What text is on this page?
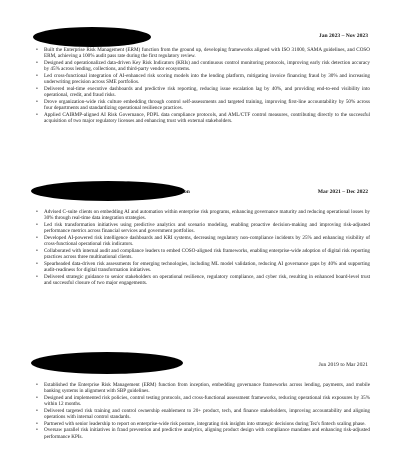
Jan 2023 – Nov 2023
• Built the Enterprise Risk Management (ERM) function from the ground up, developing frameworks aligned with ISO 31000, SAMA guidelines, and COSO ERM, achieving a 100% audit pass rate during the first regulatory review.
• Designed and operationalized data-driven Key Risk Indicators (KRIs) and continuous control monitoring protocols, improving early risk detection accuracy by 45% across lending, collections, and third-party vendor ecosystems.
• Led cross-functional integration of AI-enhanced risk scoring models into the lending platform, mitigating invoice financing fraud by 30% and increasing underwriting precision across SME portfolios.
• Delivered real-time executive dashboards and predictive risk reporting, reducing issue escalation lag by 40%, and providing end-to-end visibility into operational, credit, and fraud risks.
• Drove organization-wide risk culture embedding through control self-assessments and targeted training, improving first-line accountability by 50% across four departments and standardizing operational resilience practices.
• Applied CAIRMP-aligned AI Risk Governance, PDPL data compliance protocols, and AML/CTF control measures, contributing directly to the successful acquisition of two major regulatory licenses and enhancing trust with external stakeholders.
on	Mar 2021 – Dec 2022
• Advised C-suite clients on embedding AI and automation within enterprise risk programs, enhancing governance maturity and reducing operational losses by 30% through real-time data integration strategies.
• Led risk transformation initiatives using predictive analytics and scenario modeling, enabling proactive decision-making and improving risk-adjusted performance metrics across financial services and government portfolios.
• Developed AI-powered risk intelligence dashboards and KRI systems, decreasing regulatory non-compliance incidents by 25% and enhancing visibility of cross-functional operational risk indicators.
• Collaborated with internal audit and compliance leaders to embed COSO-aligned risk frameworks, enabling enterprise-wide adoption of digital risk reporting practices across three multinational clients.
• Spearheaded data-driven risk assessments for emerging technologies, including ML model validation, reducing AI governance gaps by 40% and supporting audit-readiness for digital transformation initiatives.
• Delivered strategic guidance to senior stakeholders on operational resilience, regulatory compliance, and cyber risk, resulting in enhanced board-level trust and successful closure of two major engagements.
Jun 2019 to Mar 2021
• Established the Enterprise Risk Management (ERM) function from inception, embedding governance frameworks across lending, payments, and mobile banking systems in alignment with SBP guidelines.
• Designed and implemented risk policies, control testing protocols, and cross-functional assessment frameworks, reducing operational risk exposures by 35% within 12 months.
• Delivered targeted risk training and control ownership enablement to 20+ product, tech, and finance stakeholders, improving accountability and aligning operations with internal control standards.
• Partnered with senior leadership to report on enterprise-wide risk posture, integrating risk insights into strategic decisions during Tez's fintech scaling phase.
• Oversaw parallel risk initiatives in fraud prevention and predictive analytics, aligning product design with compliance mandates and enhancing risk-adjusted performance KPIs.
